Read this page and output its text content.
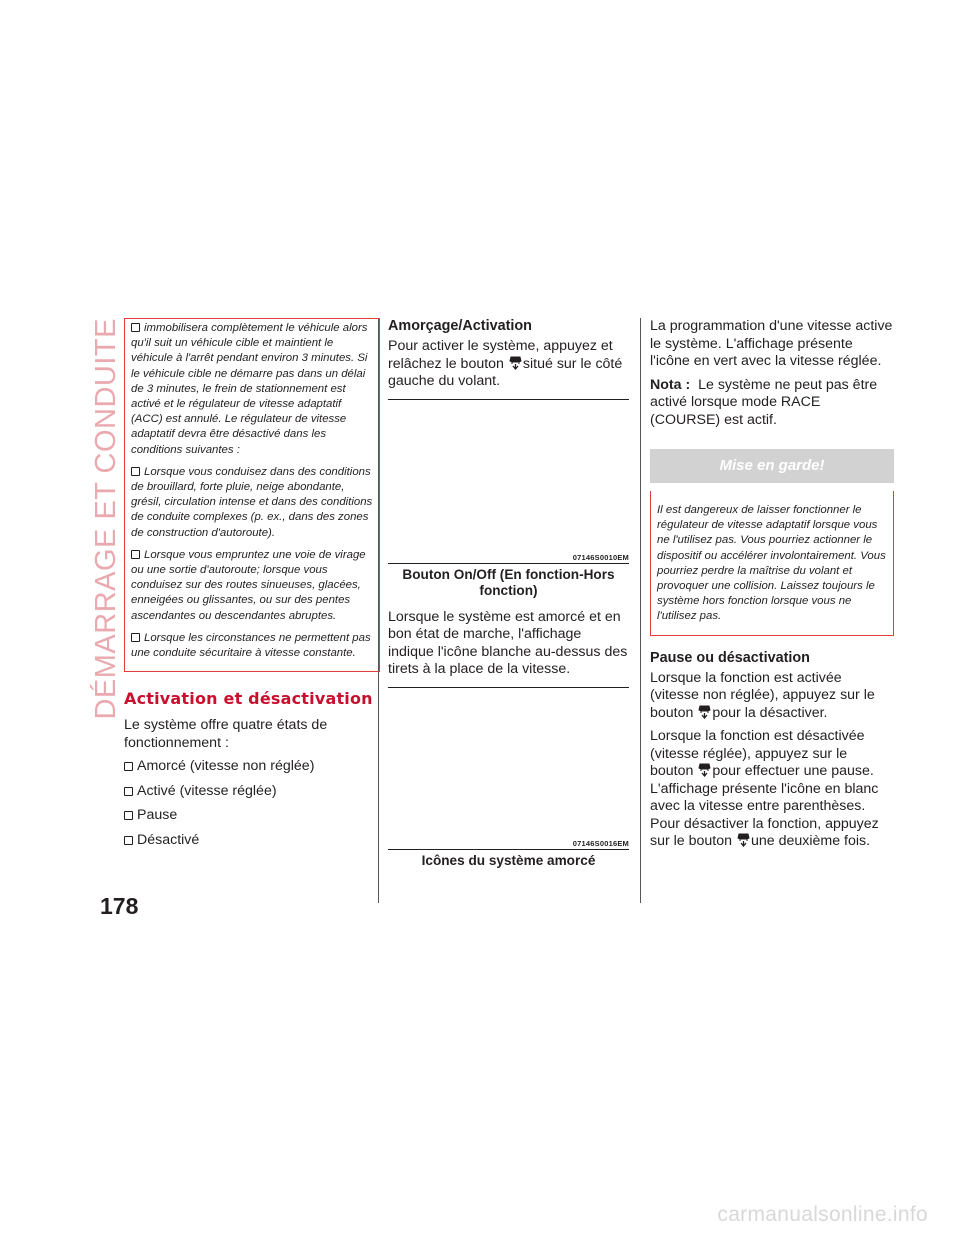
DÉMARRAGE ET CONDUITE
178

immobilisera complètement le véhicule alors qu'il suit un véhicule cible et maintient le véhicule à l'arrêt pendant environ 3 minutes. Si le véhicule cible ne démarre pas dans un délai de 3 minutes, le frein de stationnement est activé et le régulateur de vitesse adaptatif (ACC) est annulé. Le régulateur de vitesse adaptatif devra être désactivé dans les conditions suivantes :

Lorsque vous conduisez dans des conditions de brouillard, forte pluie, neige abondante, grésil, circulation intense et dans des conditions de conduite complexes (p. ex., dans des zones de construction d'autoroute).

Lorsque vous empruntez une voie de virage ou une sortie d'autoroute; lorsque vous conduisez sur des routes sinueuses, glacées, enneigées ou glissantes, ou sur des pentes ascendantes ou descendantes abruptes.

Lorsque les circonstances ne permettent pas une conduite sécuritaire à vitesse constante.

Activation et désactivation

Le système offre quatre états de fonctionnement :

Amorcé (vitesse non réglée)
Activé (vitesse réglée)
Pause
Désactivé
Amorçage/Activation

Pour activer le système, appuyez et relâchez le bouton situé sur le côté gauche du volant.

07146S0010EM
Bouton On/Off (En fonction-Hors fonction)

Lorsque le système est amorcé et en bon état de marche, l'affichage indique l'icône blanche au-dessus des tirets à la place de la vitesse.

07146S0016EM
Icônes du système amorcé

La programmation d'une vitesse active le système. L'affichage présente l'icône en vert avec la vitesse réglée.

Nota : Le système ne peut pas être activé lorsque mode RACE (COURSE) est actif.

Mise en garde!
Il est dangereux de laisser fonctionner le régulateur de vitesse adaptatif lorsque vous ne l'utilisez pas. Vous pourriez actionner le dispositif ou accélérer involontairement. Vous pourriez perdre la maîtrise du volant et provoquer une collision. Laissez toujours le système hors fonction lorsque vous ne l'utilisez pas.
Pause ou désactivation

Lorsque la fonction est activée (vitesse non réglée), appuyez sur le bouton pour la désactiver.

Lorsque la fonction est désactivée (vitesse réglée), appuyez sur le bouton pour effectuer une pause. L'affichage présente l'icône en blanc avec la vitesse entre parenthèses. Pour désactiver la fonction, appuyez sur le bouton une deuxième fois.

carmanualsonline.info
